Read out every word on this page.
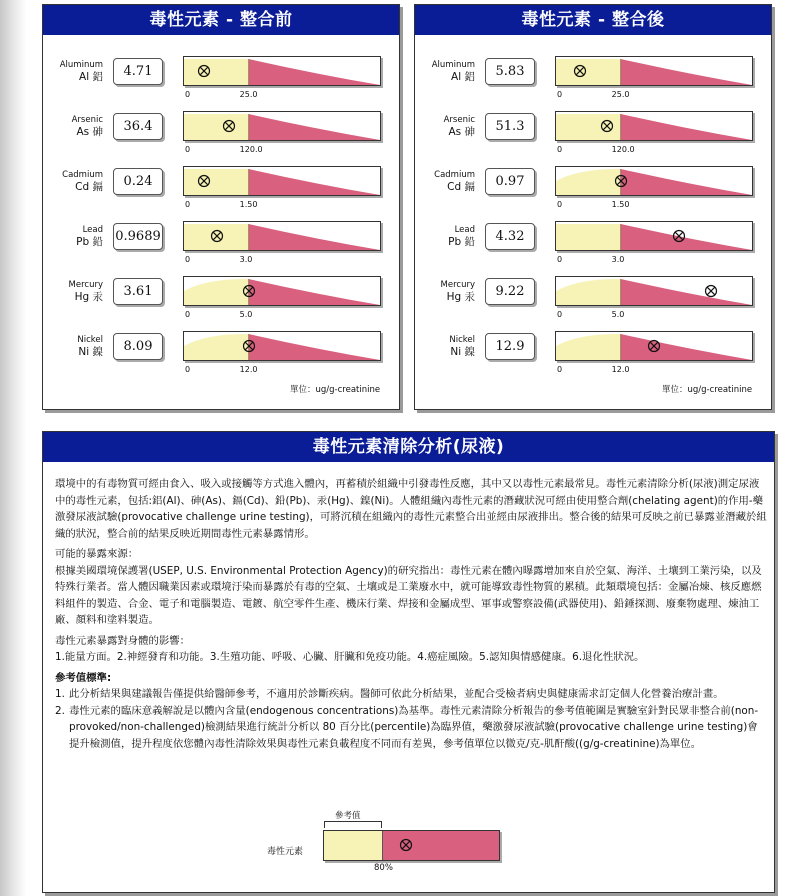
毒性元素 - 整合前
Aluminum
Al 鋁	4.71
0	25.0
Arsenic
As 砷	36.4
0	120.0
Cadmium
Cd 鎘	0.24
0	1.50
Lead
Pb 鉛 0.9689
0	3.0
Mercury
Hg 汞	3.61
0	5.0
Nickel
Ni 鎳	8.09
0	12.0
單位：ug/g-creatinine
毒性元素 - 整合後
Aluminum
Al 鋁	5.83
0	25.0
Arsenic
As 砷	51.3
0	120.0
Cadmium
Cd 鎘	0.97
0	1.50
Lead
Pb 鉛	4.32
0	3.0
Mercury
Hg 汞	9.22
0	5.0
Nickel
Ni 鎳	12.9
0	12.0
單位：ug/g-creatinine
毒性元素清除分析(尿液)

環境中的有毒物質可經由食入、吸入或接觸等方式進入體內，再蓄積於組織中引發毒性反應，其中又以毒性元素最常見。毒性元素清除分析(尿液)測定尿液中的毒性元素，包括:鋁(Al)、砷(As)、鎘(Cd)、鉛(Pb)、汞(Hg)、鎳(Ni)。人體組織內毒性元素的潛藏狀況可經由使用整合劑(chelating agent)的作用-藥激發尿液試驗(provocative challenge urine testing)，可將沉積在組織內的毒性元素整合出並經由尿液排出。整合後的結果可反映之前已暴露並潛藏於組織的狀況，整合前的結果反映近期間毒性元素暴露情形。

可能的暴露來源：

根據美國環境保護署(USEP, U.S. Environmental Protection Agency)的研究指出：毒性元素在體內曝露增加來自於空氣、海洋、土壤到工業污染，以及特殊行業者。當人體因職業因素或環境汙染而暴露於有毒的空氣、土壤或是工業廢水中，就可能導致毒性物質的累積。此類環境包括：金屬冶煉、核反應燃料組件的製造、合金、電子和電腦製造、電鍍、航空零件生產、機床行業、焊接和金屬成型、軍事或警察設備(武器使用)、鉛錘探測、廢棄物處理、煉油工廠、顏料和塗料製造。

毒性元素暴露對身體的影響：

1.能量方面。2.神經發育和功能。3.生殖功能、呼吸、心臟、肝臟和免疫功能。4.癌症風險。5.認知與情感健康。6.退化性狀況。

參考值標準:

1. 此分析結果與建議報告僅提供給醫師參考，不適用於診斷疾病。醫師可依此分析結果，並配合受檢者病史與健康需求訂定個人化營養治療計畫。
2. 毒性元素的臨床意義解說是以體內含量(endogenous concentrations)為基準。毒性元素清除分析報告的參考值範圍是實驗室針對民眾非整合前(non-provoked/non-challenged)檢測結果進行統計分析以 80 百分比(percentile)為臨界值，藥激發尿液試驗(provocative challenge urine testing)會提升檢測值，提升程度依您體內毒性清除效果與毒性元素負載程度不同而有差異，參考值單位以微克/克-肌酐酸((g/g-creatinine)為單位。
參考值
毒性元素
80%
